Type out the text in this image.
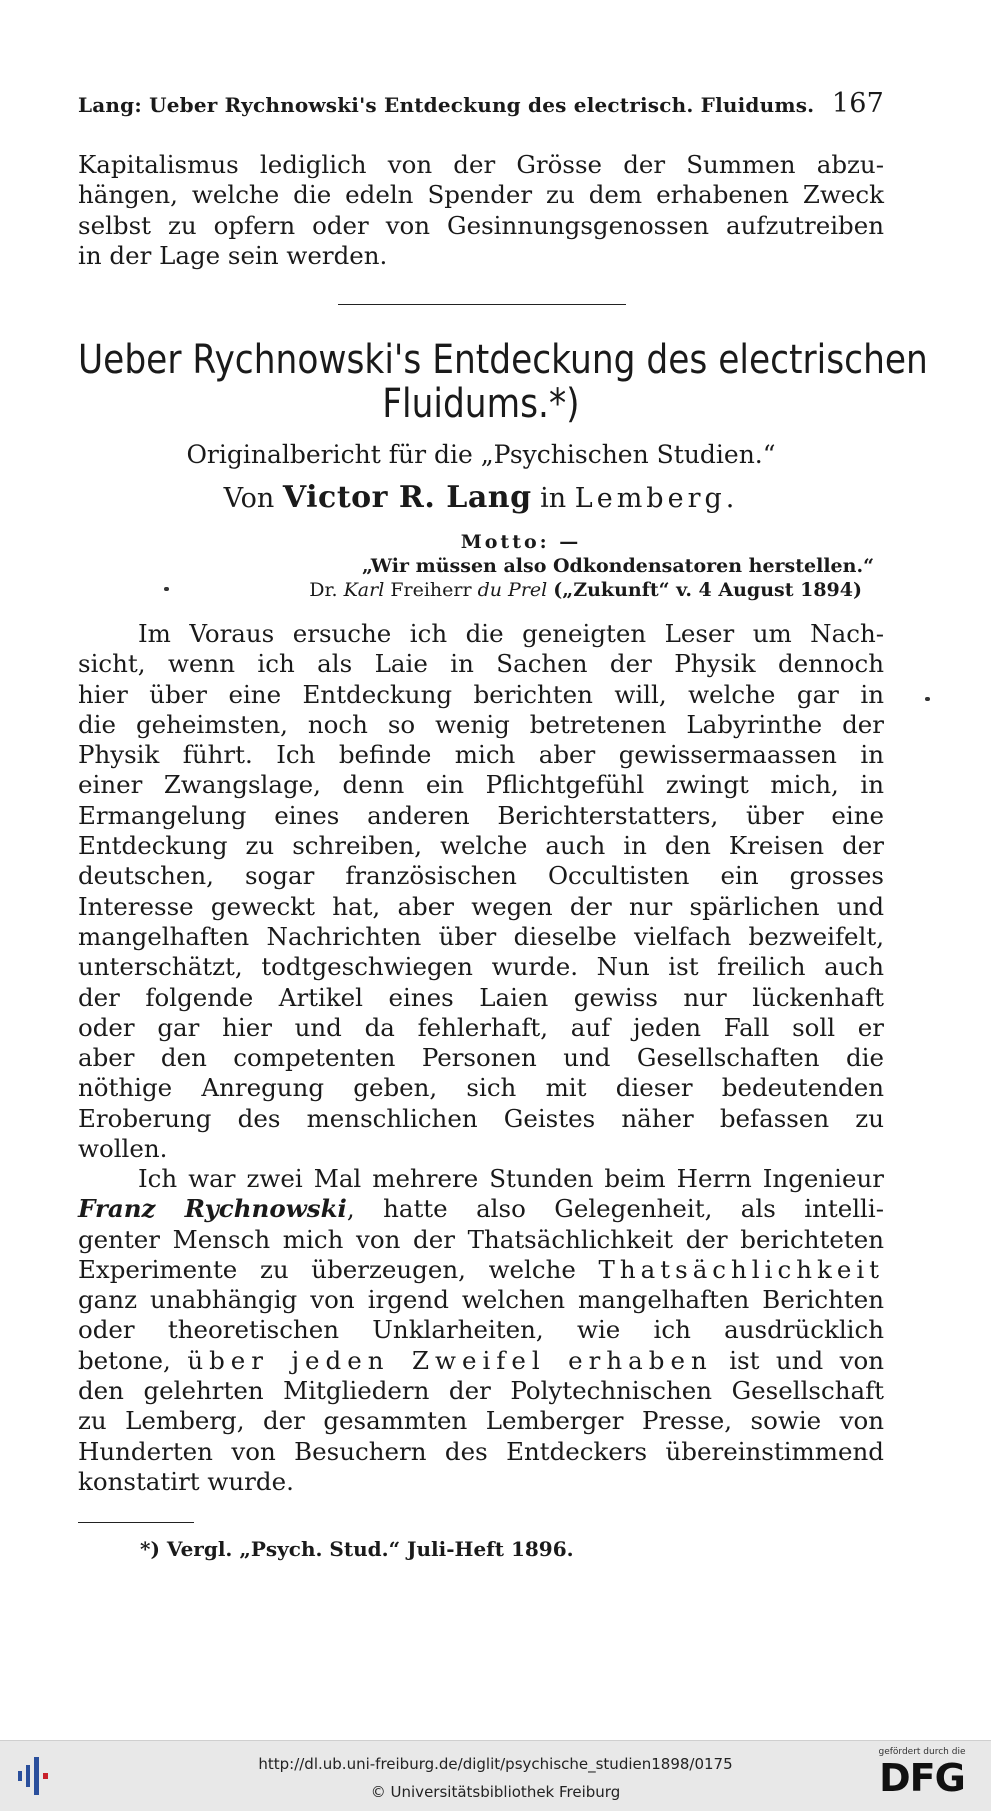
Lang: Ueber Rychnowski's Entdeckung des electrisch. Fluidums. 167
Kapitalismus lediglich von der Grösse der Summen abzu-
hängen, welche die edeln Spender zu dem erhabenen Zweck
selbst zu opfern oder von Gesinnungsgenossen aufzutreiben
in der Lage sein werden.
Ueber Rychnowski's Entdeckung des electrischen
Fluidums.*)
Originalbericht für die „Psychischen Studien.“
Von Victor R. Lang in Lemberg.
Motto: —
„Wir müssen also Odkondensatoren herstellen.“
Dr. Karl Freiherr du Prel („Zukunft“ v. 4 August 1894)
Im Voraus ersuche ich die geneigten Leser um Nach-
sicht, wenn ich als Laie in Sachen der Physik dennoch
hier über eine Entdeckung berichten will, welche gar in
die geheimsten, noch so wenig betretenen Labyrinthe der
Physik führt. Ich befinde mich aber gewissermaassen in
einer Zwangslage, denn ein Pflichtgefühl zwingt mich, in
Ermangelung eines anderen Berichterstatters, über eine
Entdeckung zu schreiben, welche auch in den Kreisen der
deutschen, sogar französischen Occultisten ein grosses
Interesse geweckt hat, aber wegen der nur spärlichen und
mangelhaften Nachrichten über dieselbe vielfach bezweifelt,
unterschätzt, todtgeschwiegen wurde. Nun ist freilich auch
der folgende Artikel eines Laien gewiss nur lückenhaft
oder gar hier und da fehlerhaft, auf jeden Fall soll er
aber den competenten Personen und Gesellschaften die
nöthige Anregung geben, sich mit dieser bedeutenden
Eroberung des menschlichen Geistes näher befassen zu
wollen.
Ich war zwei Mal mehrere Stunden beim Herrn Ingenieur
Franz Rychnowski, hatte also Gelegenheit, als intelli-
genter Mensch mich von der Thatsächlichkeit der berichteten
Experimente zu überzeugen, welche Thatsächlichkeit
ganz unabhängig von irgend welchen mangelhaften Berichten
oder theoretischen Unklarheiten, wie ich ausdrücklich
betone, über jeden Zweifel erhaben ist und von
den gelehrten Mitgliedern der Polytechnischen Gesellschaft
zu Lemberg, der gesammten Lemberger Presse, sowie von
Hunderten von Besuchern des Entdeckers übereinstimmend
konstatirt wurde.
*) Vergl. „Psych. Stud.“ Juli-Heft 1896.
http://dl.ub.uni-freiburg.de/diglit/psychische_studien1898/0175
© Universitätsbibliothek Freiburg
gefördert durch die
DFG
